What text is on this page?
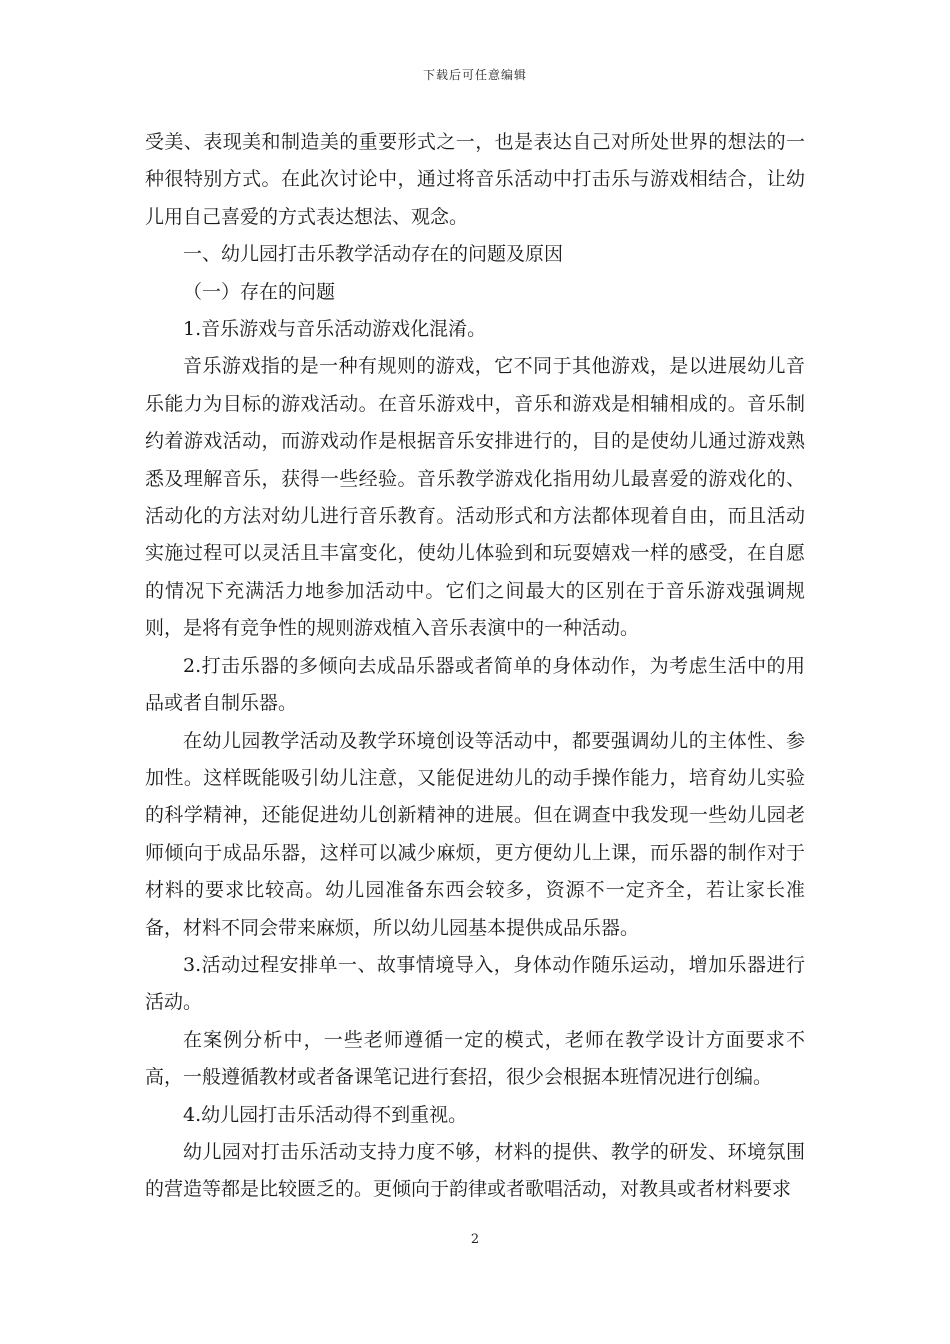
下载后可任意编辑

受美、表现美和制造美的重要形式之一，也是表达自己对所处世界的想法的一种很特别方式。在此次讨论中，通过将音乐活动中打击乐与游戏相结合，让幼儿用自己喜爱的方式表达想法、观念。

一、幼儿园打击乐教学活动存在的问题及原因

（一）存在的问题

1.音乐游戏与音乐活动游戏化混淆。

音乐游戏指的是一种有规则的游戏，它不同于其他游戏，是以进展幼儿音乐能力为目标的游戏活动。在音乐游戏中，音乐和游戏是相辅相成的。音乐制约着游戏活动，而游戏动作是根据音乐安排进行的，目的是使幼儿通过游戏熟悉及理解音乐，获得一些经验。音乐教学游戏化指用幼儿最喜爱的游戏化的、活动化的方法对幼儿进行音乐教育。活动形式和方法都体现着自由，而且活动实施过程可以灵活且丰富变化，使幼儿体验到和玩耍嬉戏一样的感受，在自愿的情况下充满活力地参加活动中。它们之间最大的区别在于音乐游戏强调规则，是将有竞争性的规则游戏植入音乐表演中的一种活动。

2.打击乐器的多倾向去成品乐器或者简单的身体动作，为考虑生活中的用品或者自制乐器。

在幼儿园教学活动及教学环境创设等活动中，都要强调幼儿的主体性、参加性。这样既能吸引幼儿注意，又能促进幼儿的动手操作能力，培育幼儿实验的科学精神，还能促进幼儿创新精神的进展。但在调查中我发现一些幼儿园老师倾向于成品乐器，这样可以减少麻烦，更方便幼儿上课，而乐器的制作对于材料的要求比较高。幼儿园准备东西会较多，资源不一定齐全，若让家长准备，材料不同会带来麻烦，所以幼儿园基本提供成品乐器。

3.活动过程安排单一、故事情境导入，身体动作随乐运动，增加乐器进行活动。

在案例分析中，一些老师遵循一定的模式，老师在教学设计方面要求不高，一般遵循教材或者备课笔记进行套招，很少会根据本班情况进行创编。

4.幼儿园打击乐活动得不到重视。

幼儿园对打击乐活动支持力度不够，材料的提供、教学的研发、环境氛围的营造等都是比较匮乏的。更倾向于韵律或者歌唱活动，对教具或者材料要求

2
